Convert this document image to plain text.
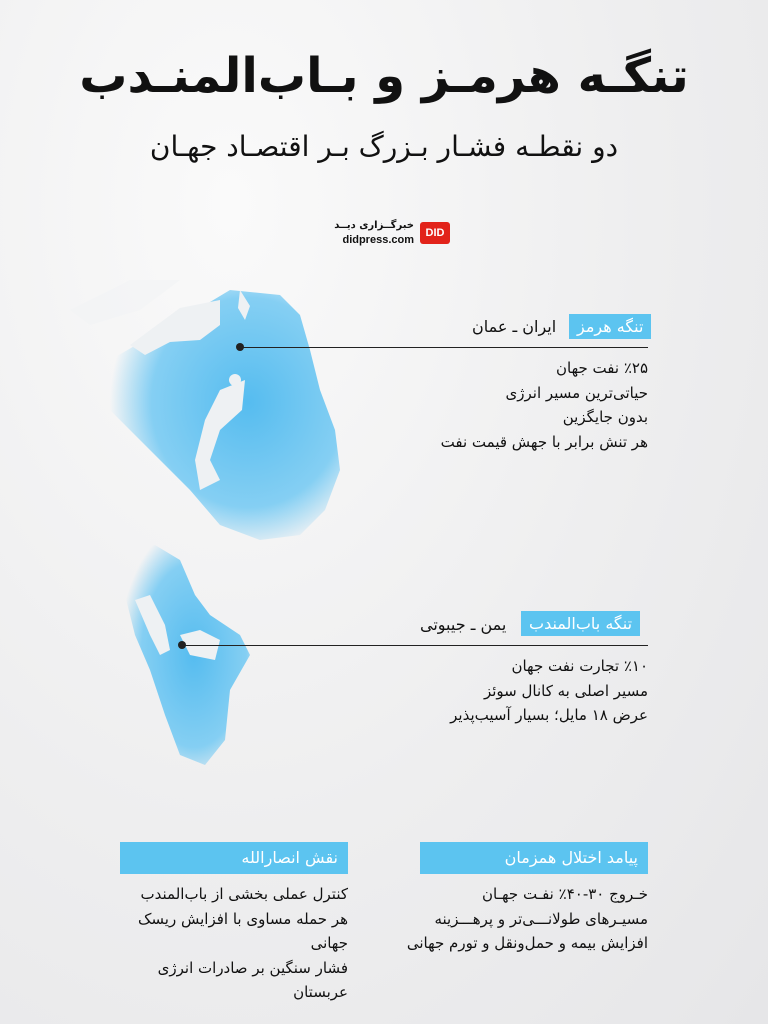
تنگـه هرمـز و بـاب‌المنـدب
دو نقطـه فشـار بـزرگ بـر اقتصـاد جهـان
DID
خبرگــزاری دیــد
didpress.com
تنگه هرمز
ایران ـ عمان
٪۲۵ نفت جهان
حیاتی‌ترین مسیر انرژی
بدون جایگزین
هر تنش برابر با جهش قیمت نفت
تنگه باب‌المندب
یمن ـ جیبوتی
٪۱۰ تجارت نفت جهان
مسیر اصلی به کانال سوئز
عرض ۱۸ مایل؛ بسیار آسیب‌پذیر
پیامد اختلال همزمان
خـروج ۳۰-۴۰٪ نفـت جهـان
مسیـرهای طولانـــی‌تر و پرهـــزینه
افزایش بیمه و حمل‌ونقل و تورم جهانی
نقش انصارالله
کنترل عملی بخشی از باب‌المندب
هر حمله مساوی با افزایش ریسک جهانی
فشار سنگین بر صادرات انرژی عربستان
